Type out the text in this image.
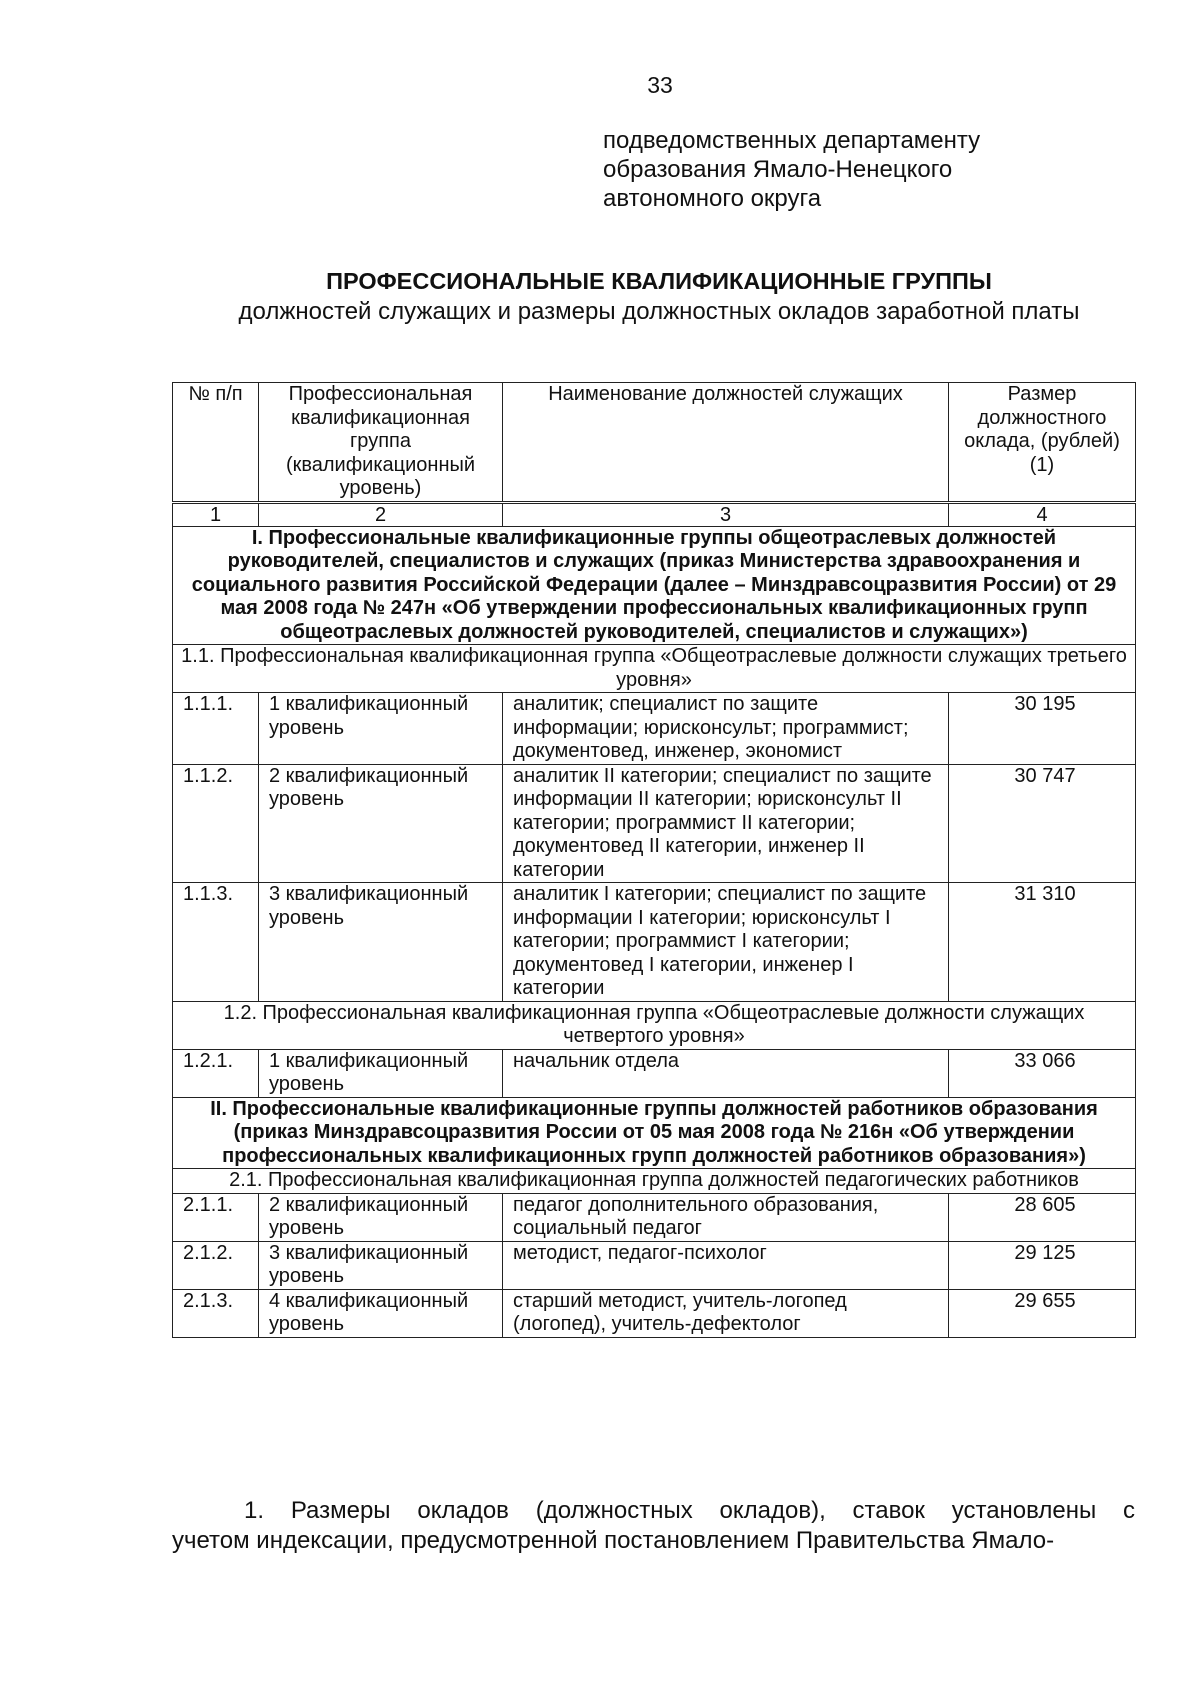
33
подведомственных департаменту
образования Ямало-Ненецкого
автономного округа
ПРОФЕССИОНАЛЬНЫЕ КВАЛИФИКАЦИОННЫЕ ГРУППЫ
должностей служащих и размеры должностных окладов заработной платы
№ п/п	Профессиональная квалификационная группа (квалификационный уровень)	Наименование должностей служащих	Размер должностного оклада, (рублей) (1)
1	2	3	4
I. Профессиональные квалификационные группы общеотраслевых должностей руководителей, специалистов и служащих (приказ Министерства здравоохранения и социального развития Российской Федерации (далее – Минздравсоцразвития России) от 29 мая 2008 года № 247н «Об утверждении профессиональных квалификационных групп общеотраслевых должностей руководителей, специалистов и служащих»)			
1.1. Профессиональная квалификационная группа «Общеотраслевые должности служащих третьего уровня»			
1.1.1.	1 квалификационный уровень	аналитик; специалист по защите информации; юрисконсульт; программист; документовед, инженер, экономист	30 195
1.1.2.	2 квалификационный уровень	аналитик II категории; специалист по защите информации II категории; юрисконсульт II категории; программист II категории; документовед II категории, инженер II категории	30 747
1.1.3.	3 квалификационный уровень	аналитик I категории; специалист по защите информации I категории; юрисконсульт I категории; программист I категории; документовед I категории, инженер I категории	31 310
1.2. Профессиональная квалификационная группа «Общеотраслевые должности служащих четвертого уровня»			
1.2.1.	1 квалификационный уровень	начальник отдела	33 066
II. Профессиональные квалификационные группы должностей работников образования (приказ Минздравсоцразвития России от 05 мая 2008 года № 216н «Об утверждении профессиональных квалификационных групп должностей работников образования»)			
2.1. Профессиональная квалификационная группа должностей педагогических работников			
2.1.1.	2 квалификационный уровень	педагог дополнительного образования, социальный педагог	28 605
2.1.2.	3 квалификационный уровень	методист, педагог-психолог	29 125
2.1.3.	4 квалификационный уровень	старший методист, учитель-логопед (логопед), учитель-дефектолог	29 655
1. Размеры окладов (должностных окладов), ставок установлены с
учетом индексации, предусмотренной постановлением Правительства Ямало-
